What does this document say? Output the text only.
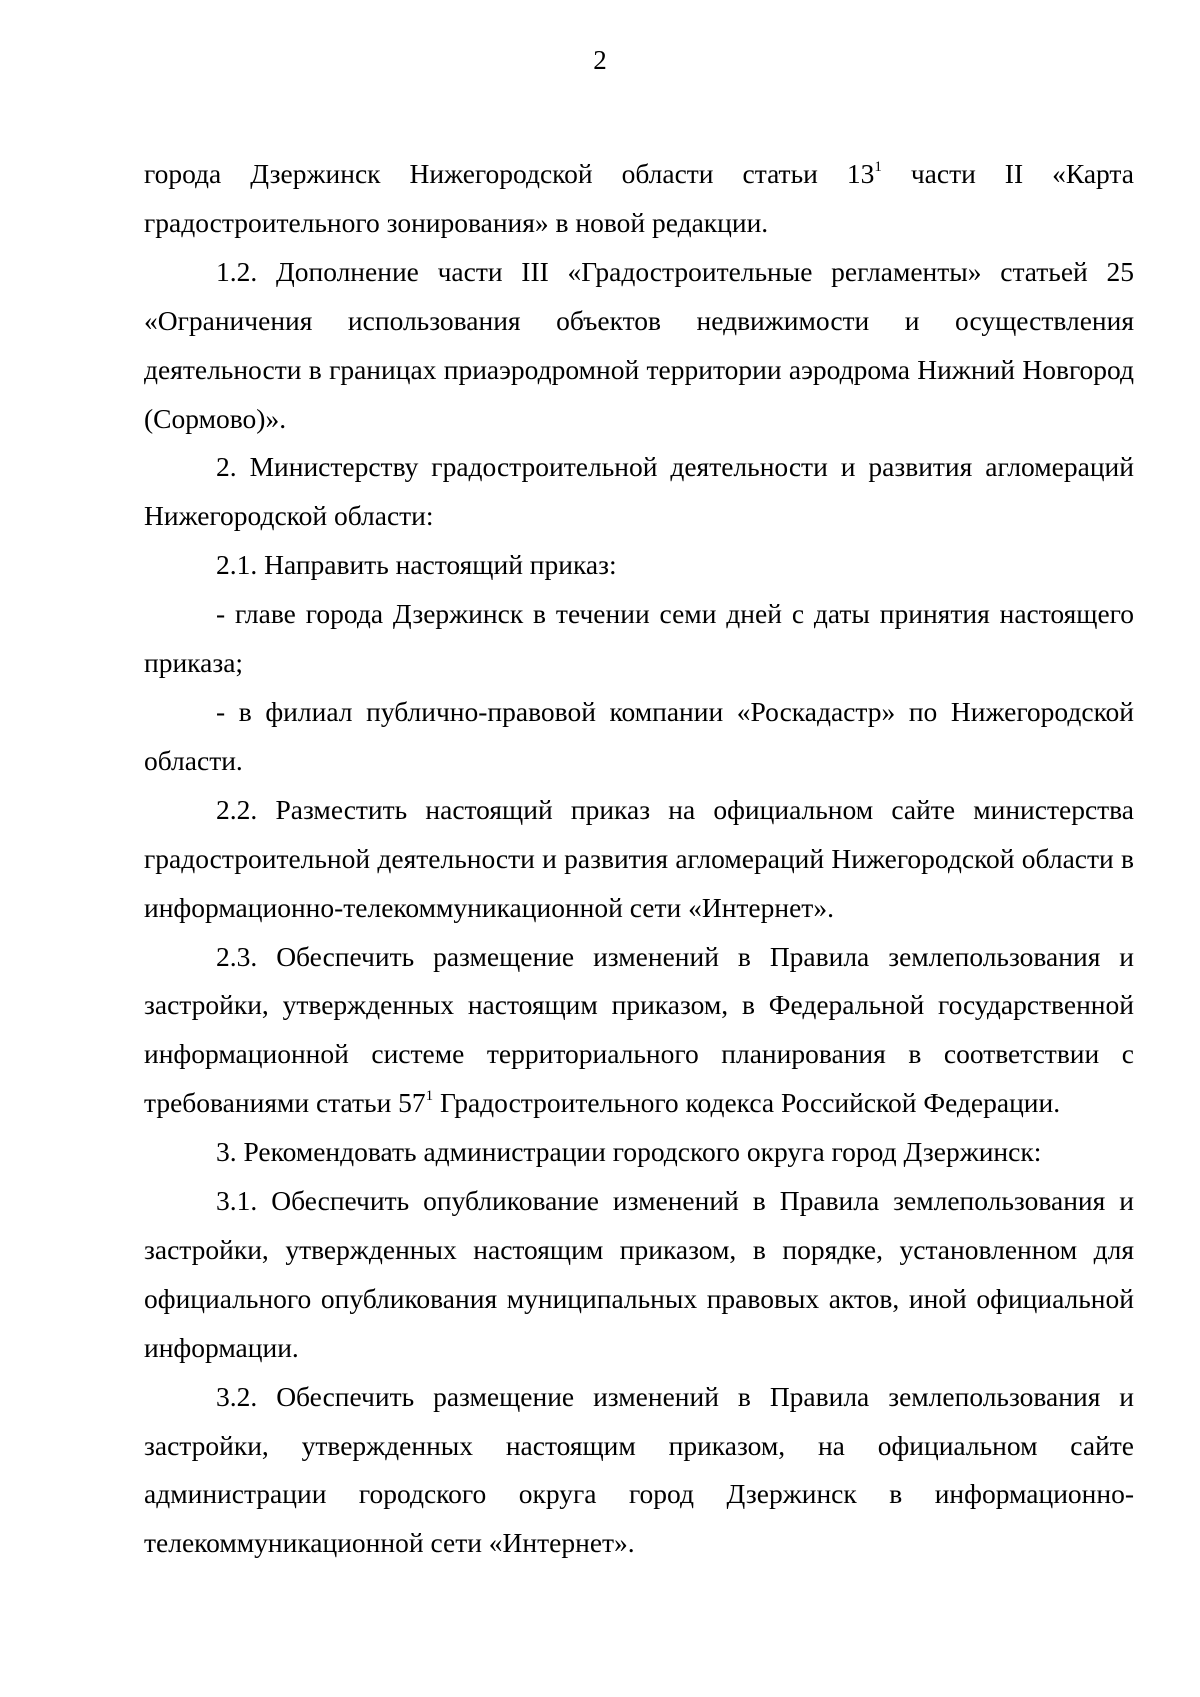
2

города Дзержинск Нижегородской области статьи $13^1$ части II «Карта градостроительного зонирования» в новой редакции.

1.2. Дополнение части III «Градостроительные регламенты» статьей 25 «Ограничения использования объектов недвижимости и осуществления деятельности в границах приаэродромной территории аэродрома Нижний Новгород (Сормово)».

2. Министерству градостроительной деятельности и развития агломераций Нижегородской области:

2.1. Направить настоящий приказ:

- главе города Дзержинск в течении семи дней с даты принятия настоящего приказа;

- в филиал публично-правовой компании «Роскадастр» по Нижегородской области.

2.2. Разместить настоящий приказ на официальном сайте министерства градостроительной деятельности и развития агломераций Нижегородской области в информационно-телекоммуникационной сети «Интернет».

2.3. Обеспечить размещение изменений в Правила землепользования и застройки, утвержденных настоящим приказом, в Федеральной государственной информационной системе территориального планирования в соответствии с требованиями статьи $57^1$ Градостроительного кодекса Российской Федерации.

3. Рекомендовать администрации городского округа город Дзержинск:

3.1. Обеспечить опубликование изменений в Правила землепользования и застройки, утвержденных настоящим приказом, в порядке, установленном для официального опубликования муниципальных правовых актов, иной официальной информации.

3.2. Обеспечить размещение изменений в Правила землепользования и застройки, утвержденных настоящим приказом, на официальном сайте администрации городского округа город Дзержинск в информационно-телекоммуникационной сети «Интернет».
